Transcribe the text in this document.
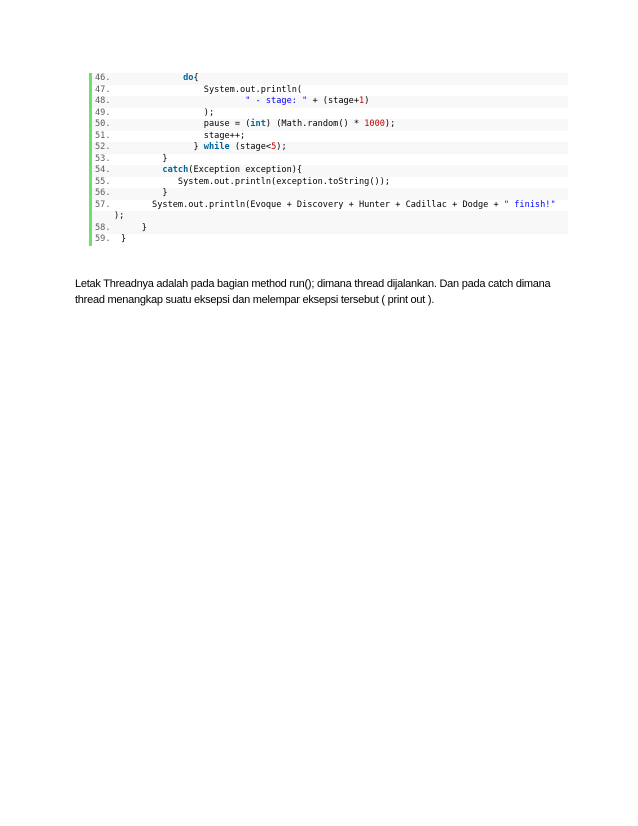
46.	do{
47.	System.out.println(
48.	" - stage: " + (stage+1)
49.	);
50.	pause = (int) (Math.random() * 1000);
51.	stage++;
52.	} while (stage<5);
53.	}
54.	catch(Exception exception){
55.	System.out.println(exception.toString());
56.	}
57.	System.out.println(Evoque + Discovery + Hunter + Cadillac + Dodge + " finish!"
);
58.	}
59.	}
Letak Threadnya adalah pada bagian method run(); dimana thread dijalankan. Dan pada catch dimana
thread menangkap suatu eksepsi dan melempar eksepsi tersebut ( print out ).
